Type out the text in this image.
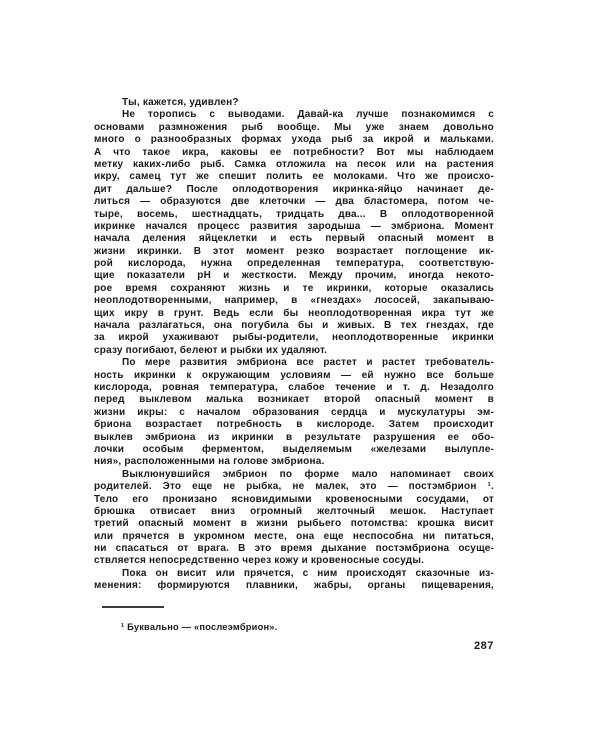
Ты, кажется, удивлен?
Не торопись с выводами. Давай-ка лучше познакомимся с
основами размножения рыб вообще. Мы уже знаем довольно
много о разнообразных формах ухода рыб за икрой и мальками.
А что такое икра, каковы ее потребности? Вот мы наблюдаем
метку каких-либо рыб. Самка отложила на песок или на растения
икру, самец тут же спешит полить ее молоками. Что же происхо-
дит дальше? После оплодотворения икринка-яйцо начинает де-
литься — образуются две клеточки — два бластомера, потом че-
тыре, восемь, шестнадцать, тридцать два... В оплодотворенной
икринке начался процесс развития зародыша — эмбриона. Момент
начала деления яйцеклетки и есть первый опасный момент в
жизни икринки. В этот момент резко возрастает поглощение ик-
рой кислорода, нужна определенная температура, соответствую-
щие показатели pH и жесткости. Между прочим, иногда некото-
рое время сохраняют жизнь и те икринки, которые оказались
неоплодотворенными, например, в «гнездах» лососей, закапываю-
щих икру в грунт. Ведь если бы неоплодотворенная икра тут же
начала разлагаться, она погубила бы и живых. В тех гнездах, где
за икрой ухаживают рыбы-родители, неоплодотворенные икринки
сразу погибают, белеют и рыбки их удаляют.
По мере развития эмбриона все растет и растет требователь-
ность икринки к окружающим условиям — ей нужно все больше
кислорода, ровная температура, слабое течение и т. д. Незадолго
перед выклевом малька возникает второй опасный момент в
жизни икры: с началом образования сердца и мускулатуры эм-
бриона возрастает потребность в кислороде. Затем происходит
выклев эмбриона из икринки в результате разрушения ее обо-
лочки особым ферментом, выделяемым «железами вылупле-
ния», расположенными на голове эмбриона.
Выклюнувшийся эмбрион по форме мало напоминает своих
родителей. Это еще не рыбка, не малек, это — постэмбрион ¹.
Тело его пронизано ясновидимыми кровеносными сосудами, от
брюшка отвисает вниз огромный желточный мешок. Наступает
третий опасный момент в жизни рыбьего потомства: крошка висит
или прячется в укромном месте, она еще неспособна ни питаться,
ни спасаться от врага. В это время дыхание постэмбриона осуще-
ствляется непосредственно через кожу и кровеносные сосуды.
Пока он висит или прячется, с ним происходят сказочные из-
менения: формируются плавники, жабры, органы пищеварения,
¹ Буквально — «послеэмбрион».
287
